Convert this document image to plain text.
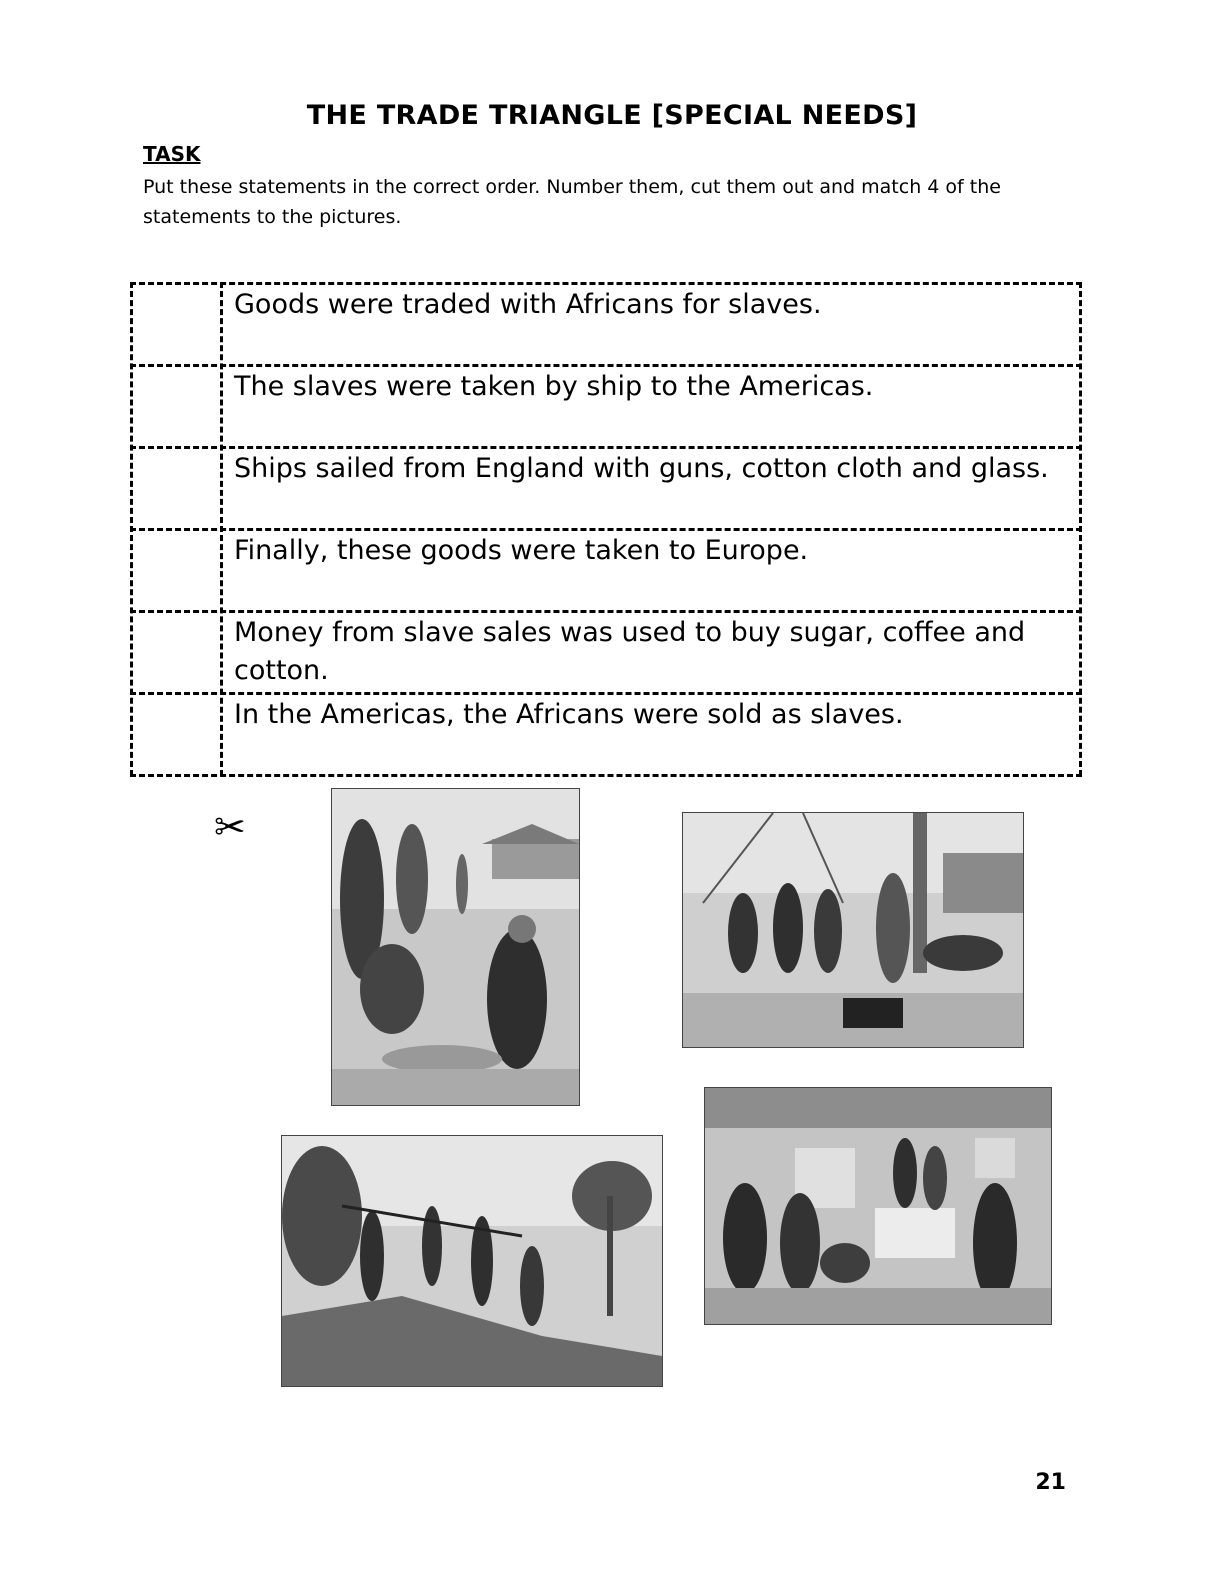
THE TRADE TRIANGLE [SPECIAL NEEDS]
TASK
Put these statements in the correct order. Number them, cut them out and match 4 of the statements to the pictures.
Goods were traded with Africans for slaves.
The slaves were taken by ship to the Americas.
Ships sailed from England with guns, cotton cloth and glass.
Finally, these goods were taken to Europe.
Money from slave sales was used to buy sugar, coffee and cotton.
In the Americas, the Africans were sold as slaves.
✂
21
